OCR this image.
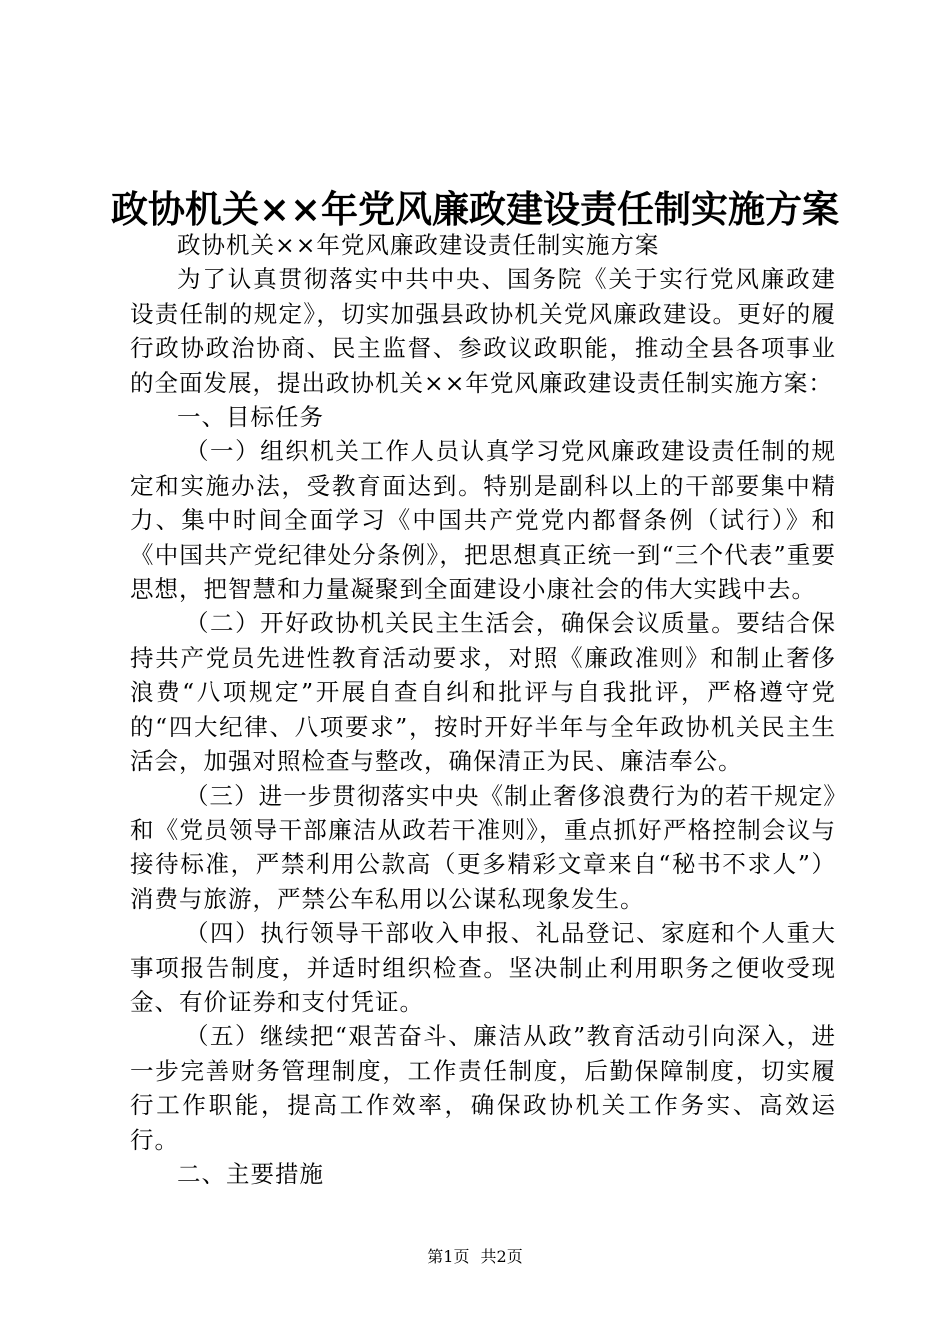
政协机关××年党风廉政建设责任制实施方案

政协机关××年党风廉政建设责任制实施方案

为了认真贯彻落实中共中央、国务院《关于实行党风廉政建设责任制的规定》，切实加强县政协机关党风廉政建设。更好的履行政协政治协商、民主监督、参政议政职能，推动全县各项事业的全面发展，提出政协机关××年党风廉政建设责任制实施方案：

一、目标任务

（一）组织机关工作人员认真学习党风廉政建设责任制的规定和实施办法，受教育面达到。特别是副科以上的干部要集中精力、集中时间全面学习《中国共产党党内都督条例（试行）》和《中国共产党纪律处分条例》，把思想真正统一到“三个代表”重要思想，把智慧和力量凝聚到全面建设小康社会的伟大实践中去。

（二）开好政协机关民主生活会，确保会议质量。要结合保持共产党员先进性教育活动要求，对照《廉政准则》和制止奢侈浪费“八项规定”开展自查自纠和批评与自我批评，严格遵守党的“四大纪律、八项要求”，按时开好半年与全年政协机关民主生活会，加强对照检查与整改，确保清正为民、廉洁奉公。

（三）进一步贯彻落实中央《制止奢侈浪费行为的若干规定》和《党员领导干部廉洁从政若干准则》，重点抓好严格控制会议与接待标准，严禁利用公款高（更多精彩文章来自“秘书不求人”）消费与旅游，严禁公车私用以公谋私现象发生。

（四）执行领导干部收入申报、礼品登记、家庭和个人重大事项报告制度，并适时组织检查。坚决制止利用职务之便收受现金、有价证券和支付凭证。

（五）继续把“艰苦奋斗、廉洁从政”教育活动引向深入，进一步完善财务管理制度，工作责任制度，后勤保障制度，切实履行工作职能，提高工作效率，确保政协机关工作务实、高效运行。

二、主要措施

第1页 共2页
